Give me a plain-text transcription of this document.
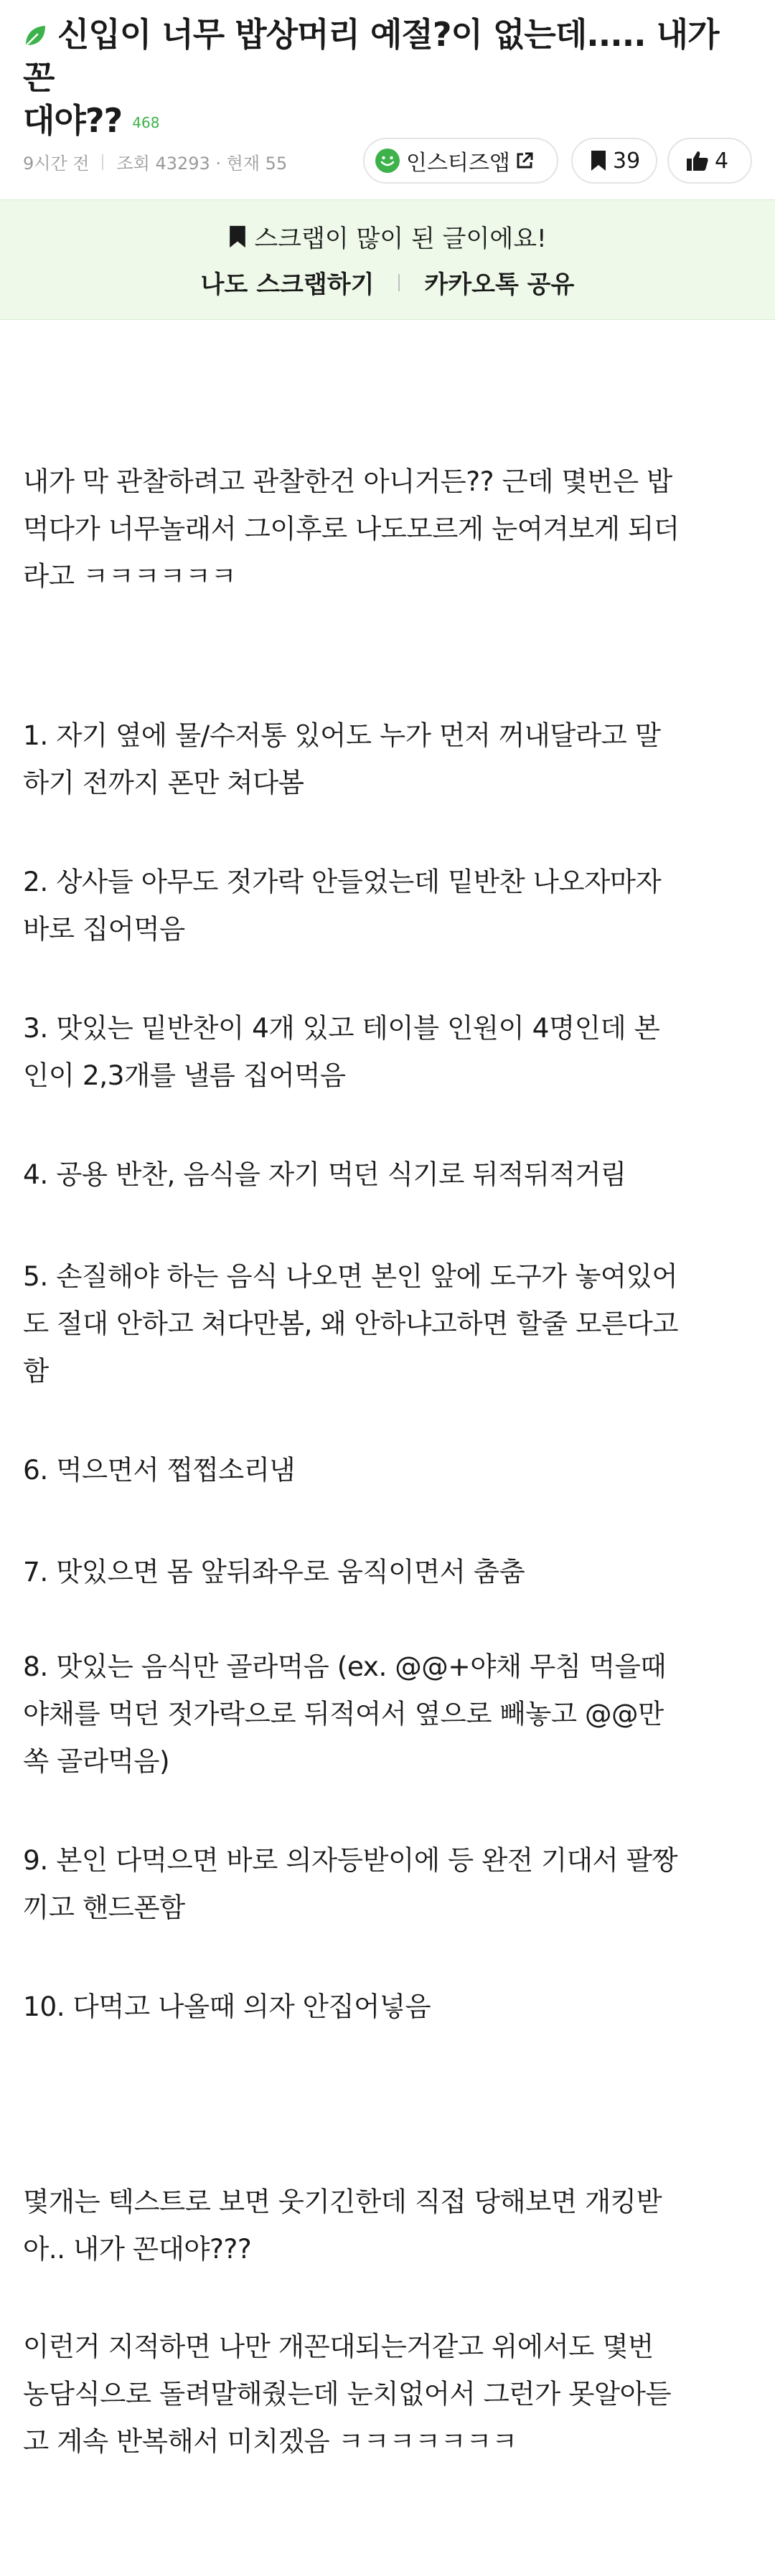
신입이 너무 밥상머리 예절?이 없는데..... 내가 꼰
대야?? 468
9시간 전 조회 43293 · 현재 55	인스티즈앱	39	4
스크랩이 많이 된 글이에요!
나도 스크랩하기 카카오톡 공유

내가 막 관찰하려고 관찰한건 아니거든?? 근데 몇번은 밥
먹다가 너무놀래서 그이후로 나도모르게 눈여겨보게 되더
라고 ㅋㅋㅋㅋㅋㅋ

1. 자기 옆에 물/수저통 있어도 누가 먼저 꺼내달라고 말
하기 전까지 폰만 쳐다봄

2. 상사들 아무도 젓가락 안들었는데 밑반찬 나오자마자
바로 집어먹음

3. 맛있는 밑반찬이 4개 있고 테이블 인원이 4명인데 본
인이 2,3개를 낼름 집어먹음

4. 공용 반찬, 음식을 자기 먹던 식기로 뒤적뒤적거림

5. 손질해야 하는 음식 나오면 본인 앞에 도구가 놓여있어
도 절대 안하고 쳐다만봄, 왜 안하냐고하면 할줄 모른다고
함

6. 먹으면서 쩝쩝소리냄

7. 맛있으면 몸 앞뒤좌우로 움직이면서 춤춤

8. 맛있는 음식만 골라먹음 (ex. @@+야채 무침 먹을때
야채를 먹던 젓가락으로 뒤적여서 옆으로 빼놓고 @@만
쏙 골라먹음)

9. 본인 다먹으면 바로 의자등받이에 등 완전 기대서 팔짱
끼고 핸드폰함

10. 다먹고 나올때 의자 안집어넣음

몇개는 텍스트로 보면 웃기긴한데 직접 당해보면 개킹받
아.. 내가 꼰대야???

이런거 지적하면 나만 개꼰대되는거같고 위에서도 몇번
농담식으로 돌려말해줬는데 눈치없어서 그런가 못알아듣
고 계속 반복해서 미치겠음 ㅋㅋㅋㅋㅋㅋㅋ
